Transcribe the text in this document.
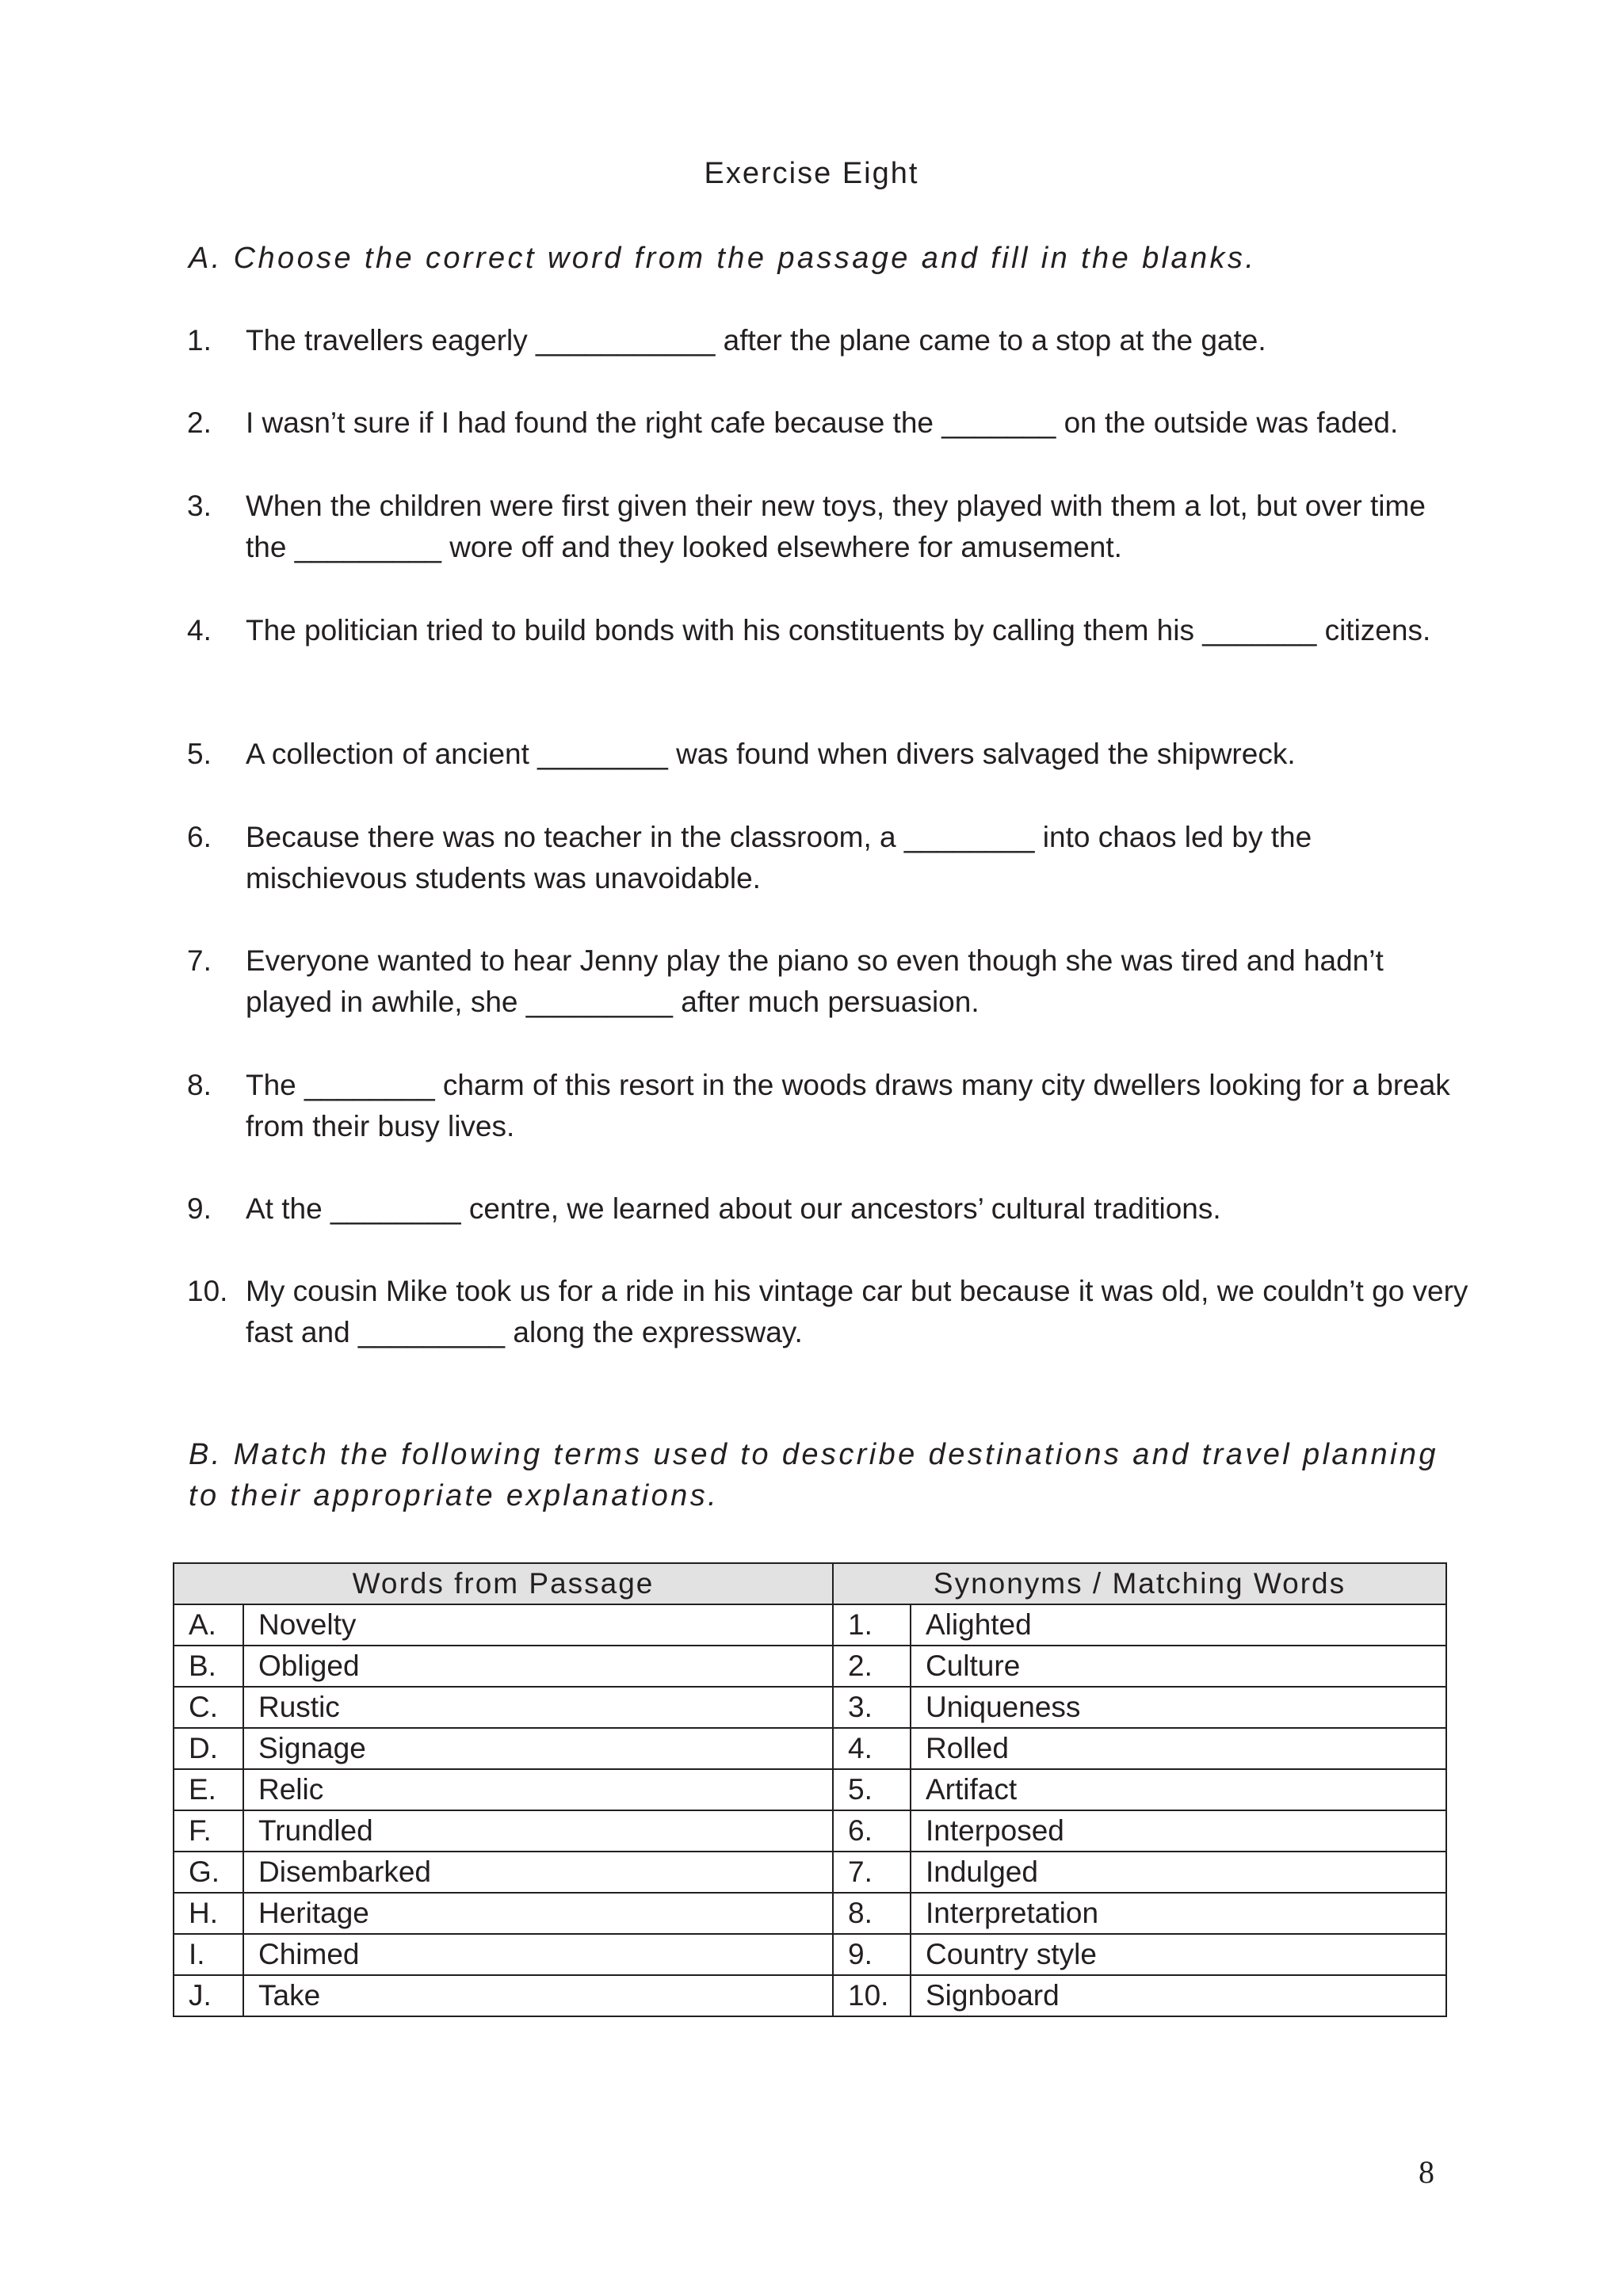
Exercise Eight
A. Choose the correct word from the passage and fill in the blanks.
1.	The travellers eagerly ___________ after the plane came to a stop at the gate.
2.	I wasn’t sure if I had found the right cafe because the _______ on the outside was faded.
3.	When the children were first given their new toys, they played with them a lot, but over time the _________ wore off and they looked elsewhere for amusement.
4.	The politician tried to build bonds with his constituents by calling them his _______ citizens.
5.	A collection of ancient ________ was found when divers salvaged the shipwreck.
6.	Because there was no teacher in the classroom, a ________ into chaos led by the mischievous students was unavoidable.
7.	Everyone wanted to hear Jenny play the piano so even though she was tired and hadn’t played in awhile, she _________ after much persuasion.
8.	The ________ charm of this resort in the woods draws many city dwellers looking for a break from their busy lives.
9.	At the ________ centre, we learned about our ancestors’ cultural traditions.
10. My cousin Mike took us for a ride in his vintage car but because it was old, we couldn’t go very fast and _________ along the expressway.
B. Match the following terms used to describe destinations and travel planning to their appropriate explanations.
Words from Passage		Synonyms / Matching Words	
A.	Novelty	1.	Alighted
B.	Obliged	2.	Culture
C.	Rustic	3.	Uniqueness
D.	Signage	4.	Rolled
E.	Relic	5.	Artifact
F.	Trundled	6.	Interposed
G.	Disembarked	7.	Indulged
H.	Heritage	8.	Interpretation
I.	Chimed	9.	Country style
J.	Take	10.	Signboard
8
